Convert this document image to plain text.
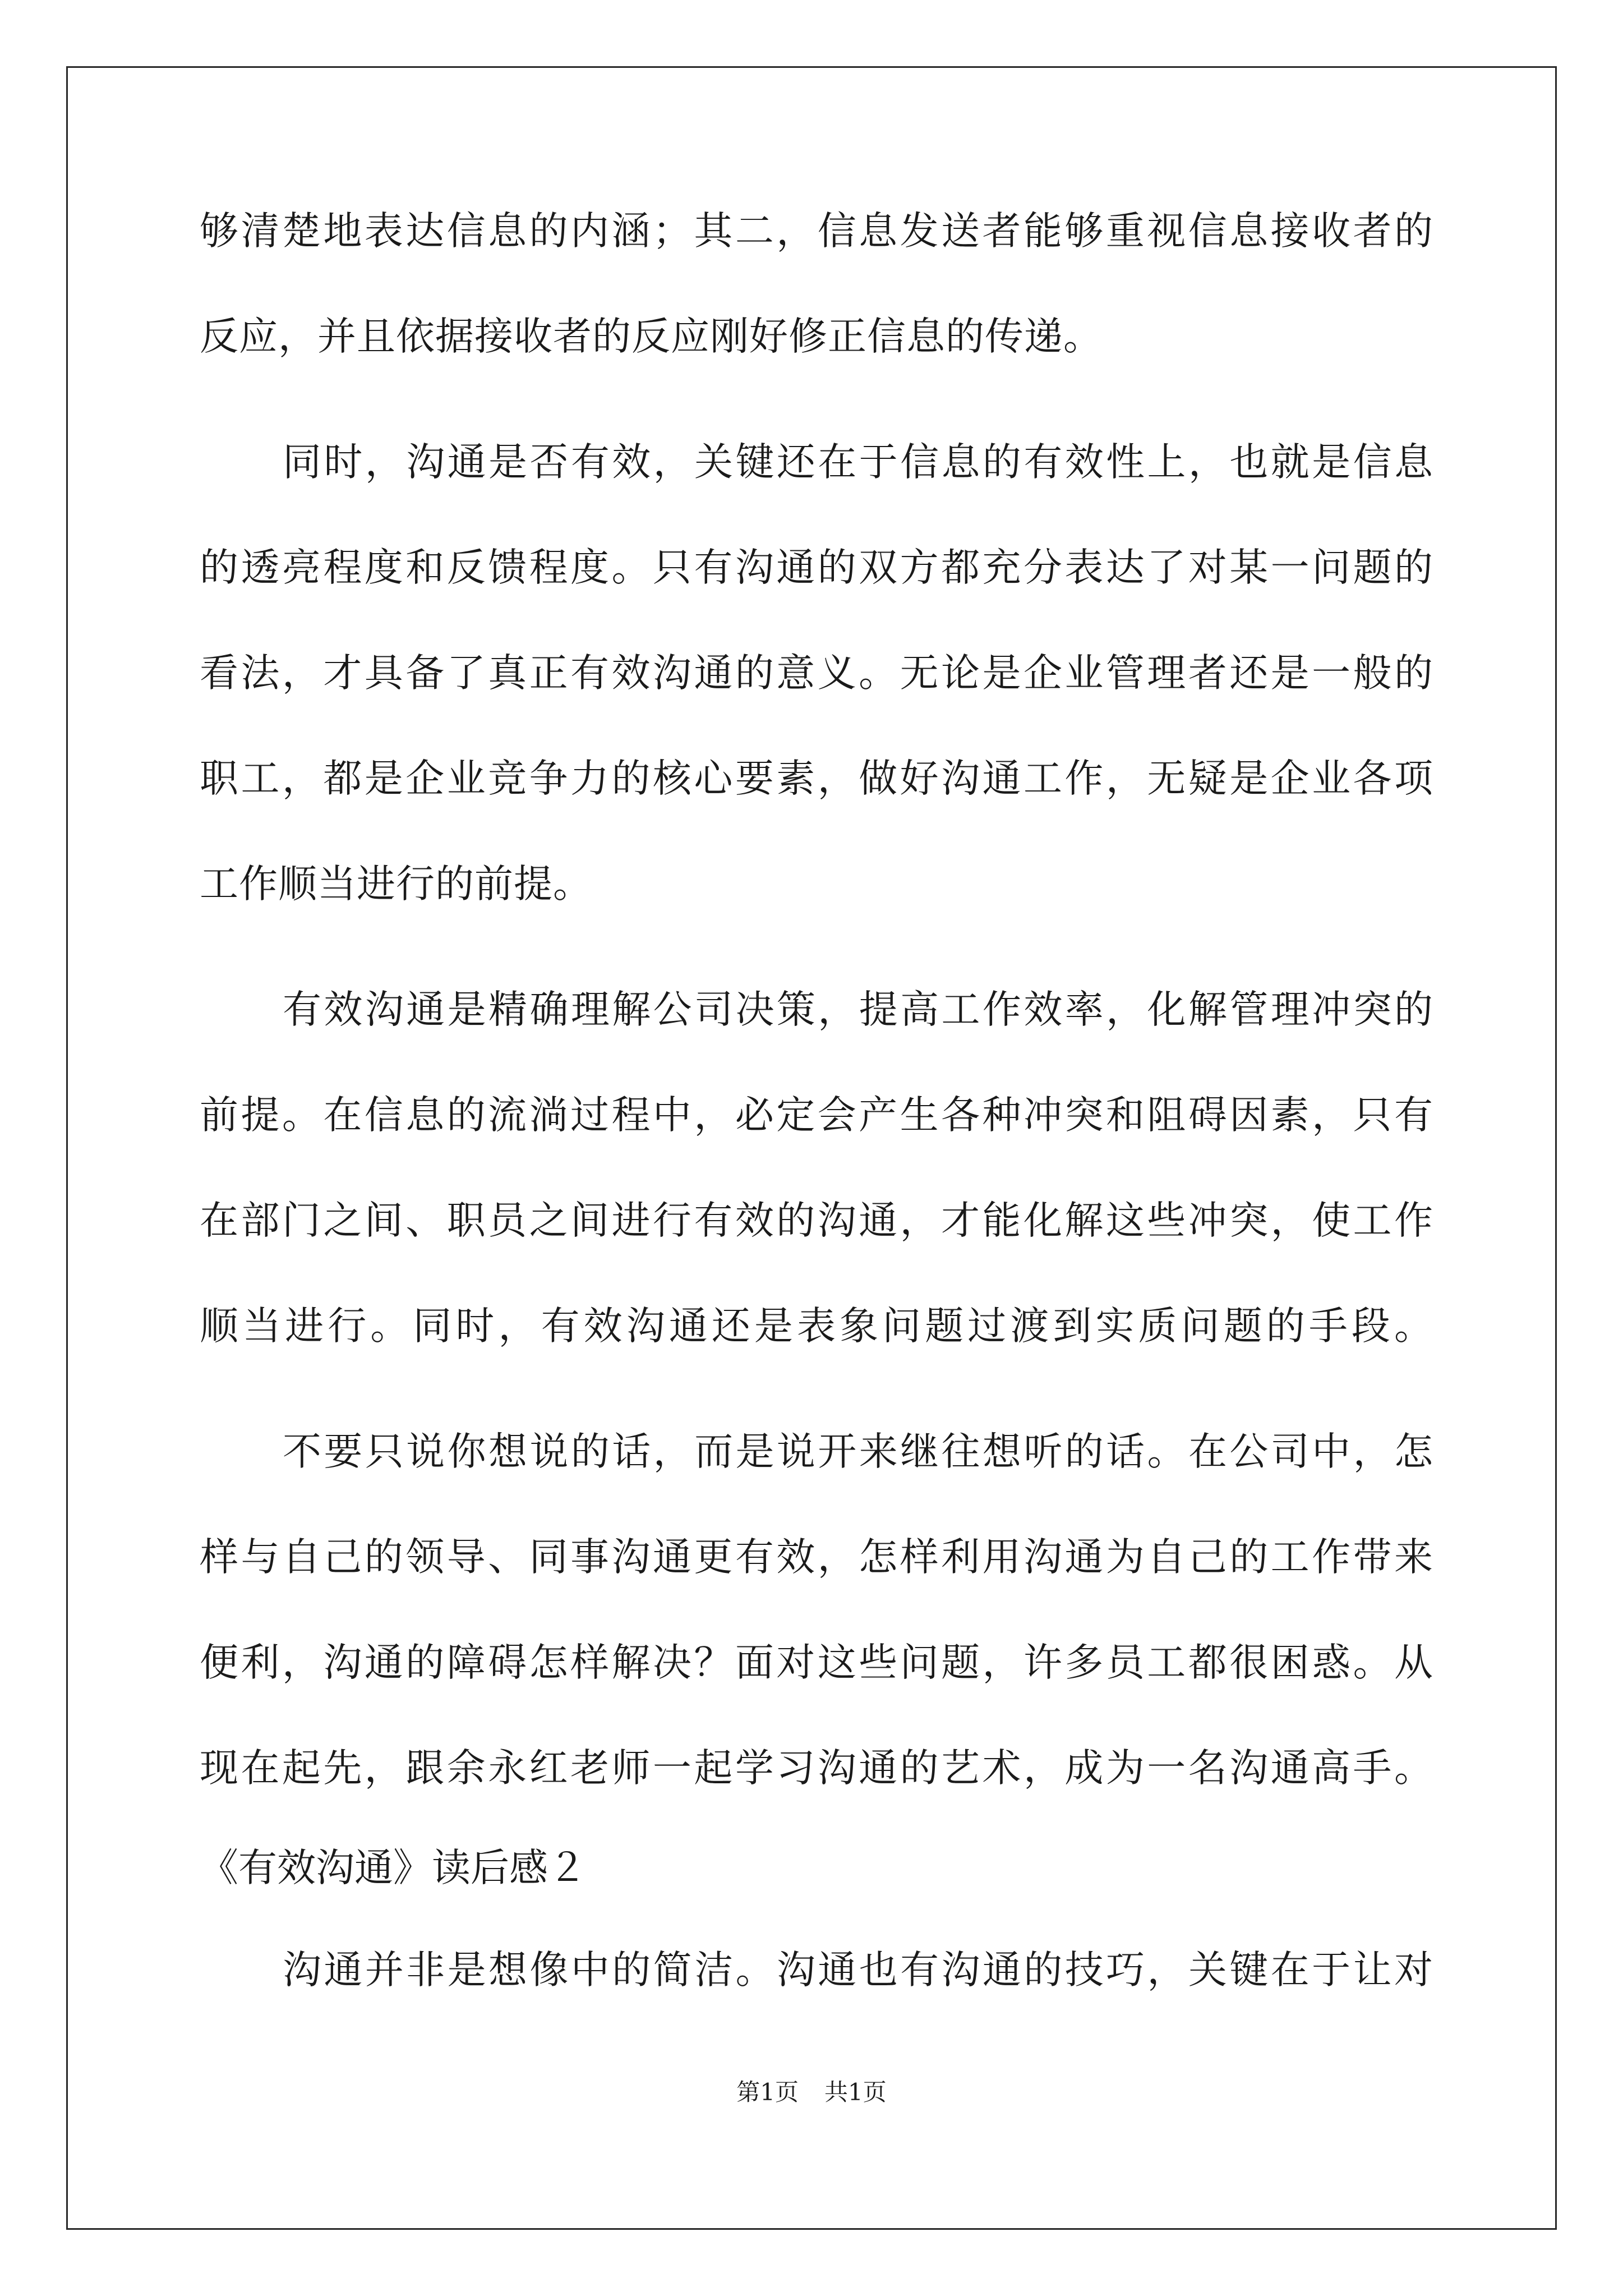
够清楚地表达信息的内涵；其二，信息发送者能够重视信息接收者的
反应，并且依据接收者的反应刚好修正信息的传递。
同时，沟通是否有效，关键还在于信息的有效性上，也就是信息
的透亮程度和反馈程度。只有沟通的双方都充分表达了对某一问题的
看法，才具备了真正有效沟通的意义。无论是企业管理者还是一般的
职工，都是企业竞争力的核心要素，做好沟通工作，无疑是企业各项
工作顺当进行的前提。
有效沟通是精确理解公司决策，提高工作效率，化解管理冲突的
前提。在信息的流淌过程中，必定会产生各种冲突和阻碍因素，只有
在部门之间、职员之间进行有效的沟通，才能化解这些冲突，使工作
顺当进行。同时，有效沟通还是表象问题过渡到实质问题的手段。
不要只说你想说的话，而是说开来继往想听的话。在公司中，怎
样与自己的领导、同事沟通更有效，怎样利用沟通为自己的工作带来
便利，沟通的障碍怎样解决？面对这些问题，许多员工都很困惑。从
现在起先，跟余永红老师一起学习沟通的艺术，成为一名沟通高手。
《有效沟通》读后感２
沟通并非是想像中的简洁。沟通也有沟通的技巧，关键在于让对
第1页 共1页
